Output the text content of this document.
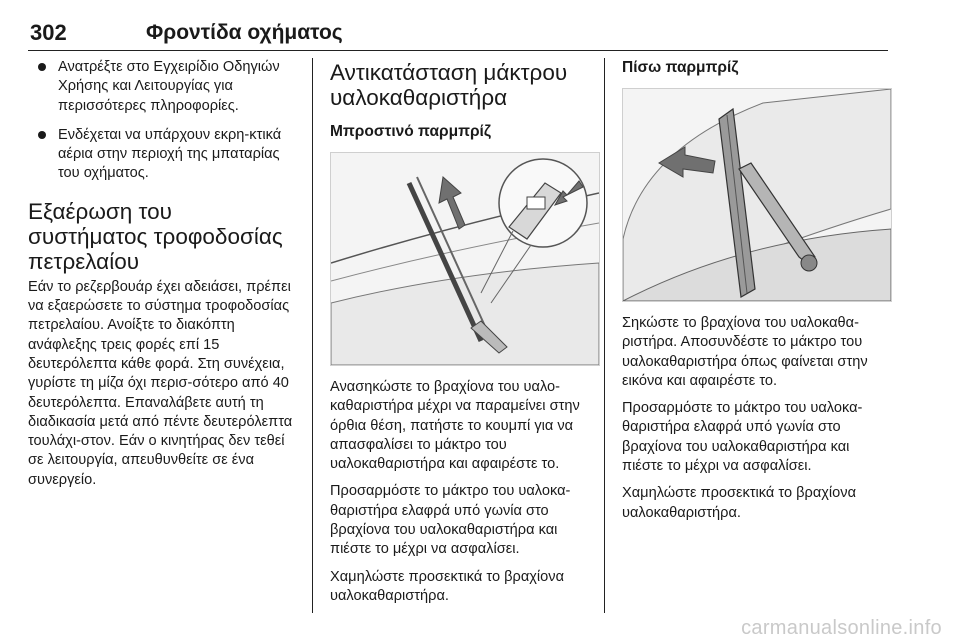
302	Φροντίδα οχήματος
Ανατρέξτε στο Εγχειρίδιο Οδηγιών Χρήσης και Λειτουργίας για περισσότερες πληροφορίες.
Ενδέχεται να υπάρχουν εκρη-κτικά αέρια στην περιοχή της μπαταρίας του οχήματος.
Εξαέρωση του συστήματος τροφοδοσίας πετρελαίου

Εάν το ρεζερβουάρ έχει αδειάσει, πρέπει να εξαερώσετε το σύστημα τροφοδοσίας πετρελαίου. Ανοίξτε το διακόπτη ανάφλεξης τρεις φορές επί 15 δευτερόλεπτα κάθε φορά. Στη συνέχεια, γυρίστε τη μίζα όχι περισ-σότερο από 40 δευτερόλεπτα. Επαναλάβετε αυτή τη διαδικασία μετά από πέντε δευτερόλεπτα τουλάχι-στον. Εάν ο κινητήρας δεν τεθεί σε λειτουργία, απευθυνθείτε σε ένα συνεργείο.

Αντικατάσταση μάκτρου υαλοκαθαριστήρα
Μπροστινό παρμπρίζ

Ανασηκώστε το βραχίονα του υαλο-καθαριστήρα μέχρι να παραμείνει στην όρθια θέση, πατήστε το κουμπί για να απασφαλίσει το μάκτρο του υαλοκαθαριστήρα και αφαιρέστε το.

Προσαρμόστε το μάκτρο του υαλοκα-θαριστήρα ελαφρά υπό γωνία στο βραχίονα του υαλοκαθαριστήρα και πιέστε το μέχρι να ασφαλίσει.

Χαμηλώστε προσεκτικά το βραχίονα υαλοκαθαριστήρα.

Πίσω παρμπρίζ

Σηκώστε το βραχίονα του υαλοκαθα-ριστήρα. Αποσυνδέστε το μάκτρο του υαλοκαθαριστήρα όπως φαίνεται στην εικόνα και αφαιρέστε το.

Προσαρμόστε το μάκτρο του υαλοκα-θαριστήρα ελαφρά υπό γωνία στο βραχίονα του υαλοκαθαριστήρα και πιέστε το μέχρι να ασφαλίσει.

Χαμηλώστε προσεκτικά το βραχίονα υαλοκαθαριστήρα.

carmanualsonline.info
